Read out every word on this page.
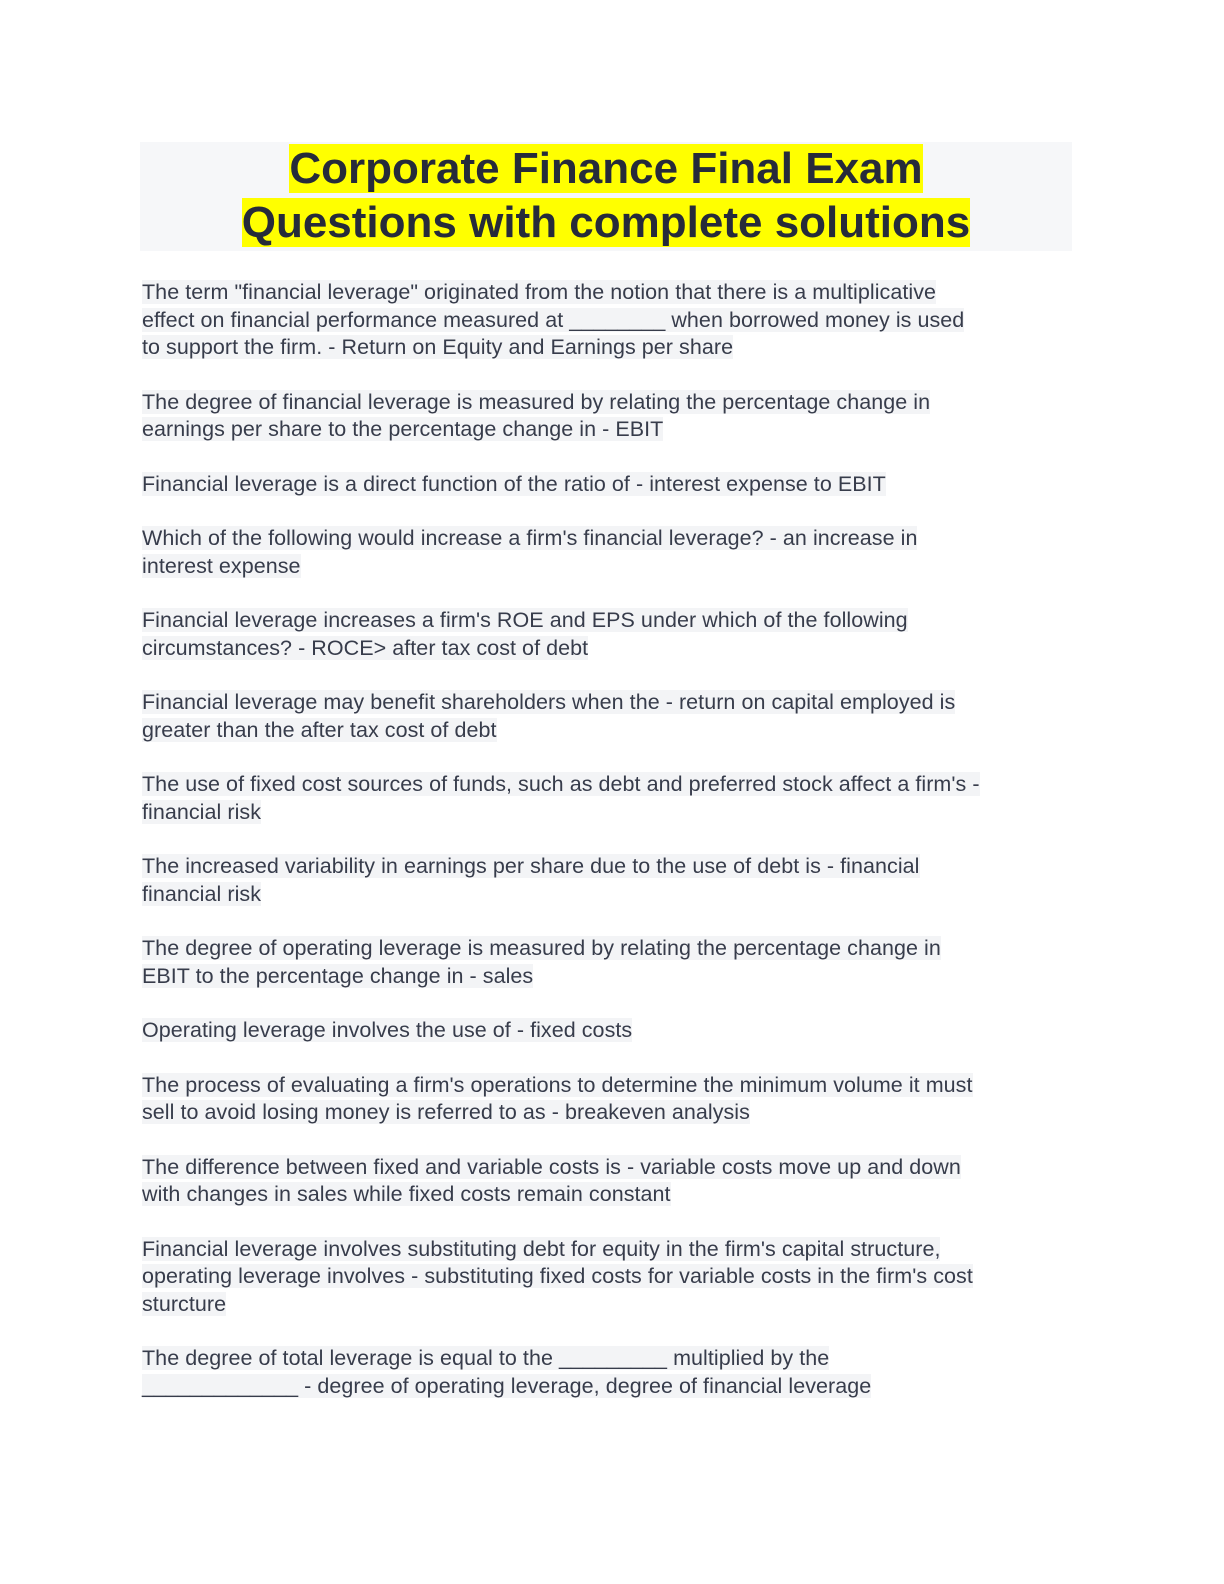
Corporate Finance Final Exam
Questions with complete solutions
The term "financial leverage" originated from the notion that there is a multiplicative
effect on financial performance measured at ________ when borrowed money is used
to support the firm. - Return on Equity and Earnings per share
The degree of financial leverage is measured by relating the percentage change in
earnings per share to the percentage change in - EBIT
Financial leverage is a direct function of the ratio of - interest expense to EBIT
Which of the following would increase a firm's financial leverage? - an increase in
interest expense
Financial leverage increases a firm's ROE and EPS under which of the following
circumstances? - ROCE> after tax cost of debt
Financial leverage may benefit shareholders when the - return on capital employed is
greater than the after tax cost of debt
The use of fixed cost sources of funds, such as debt and preferred stock affect a firm's -
financial risk
The increased variability in earnings per share due to the use of debt is - financial
financial risk
The degree of operating leverage is measured by relating the percentage change in
EBIT to the percentage change in - sales
Operating leverage involves the use of - fixed costs
The process of evaluating a firm's operations to determine the minimum volume it must
sell to avoid losing money is referred to as - breakeven analysis
The difference between fixed and variable costs is - variable costs move up and down
with changes in sales while fixed costs remain constant
Financial leverage involves substituting debt for equity in the firm's capital structure,
operating leverage involves - substituting fixed costs for variable costs in the firm's cost
sturcture
The degree of total leverage is equal to the _________ multiplied by the
_____________ - degree of operating leverage, degree of financial leverage
